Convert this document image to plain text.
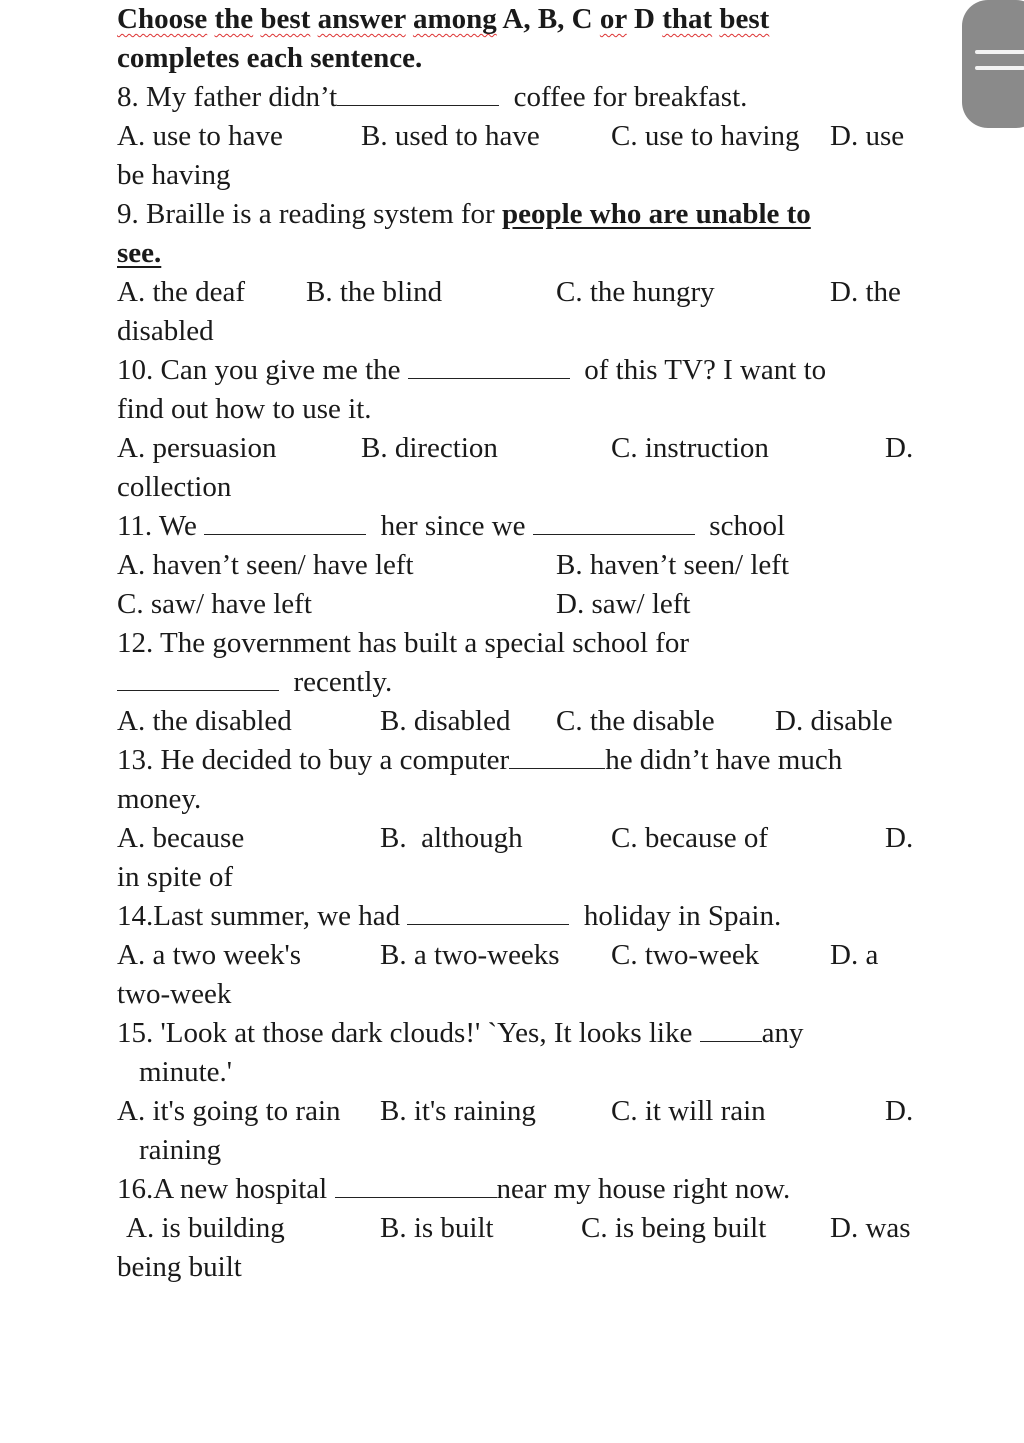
Choose the best answer among A, B, C or D that best
completes each sentence.
8. My father didn’t	coffee for breakfast.

A. use to have

	B. used to have

C. use to having

D. use

be having
9. Braille is a reading system for people who are unable to
see.

A. the deaf

B. the blind

	C. the hungry

	D. the

disabled
10. Can you give me the	of this TV? I want to
find out how to use it.

A. persuasion

	B. direction

	C. instruction

	D.

collection
11. We	her since we	school

A. haven’t seen/ have left

	B. haven’t seen/ left

C. saw/ have left

	D. saw/ left

12. The government has built a special school for
recently.

A. the disabled

	B. disabled

C. the disable

D. disable

13. He decided to buy a computer	he didn’t have much
money.

A. because

	B.  although

	C. because of

	D.

in spite of
14.Last summer, we had	holiday in Spain.

A. a two week's

	B. a two-weeks

C. two-week

D. a

two-week
15. 'Look at those dark clouds!' `Yes, It looks like any
minute.'

A. it's going to rain

B. it's raining

	C. it will rain

	D.

raining
16.A new hospital	near my house right now.

A. is building

	B. is built

	C. is being built

D. was

being built
